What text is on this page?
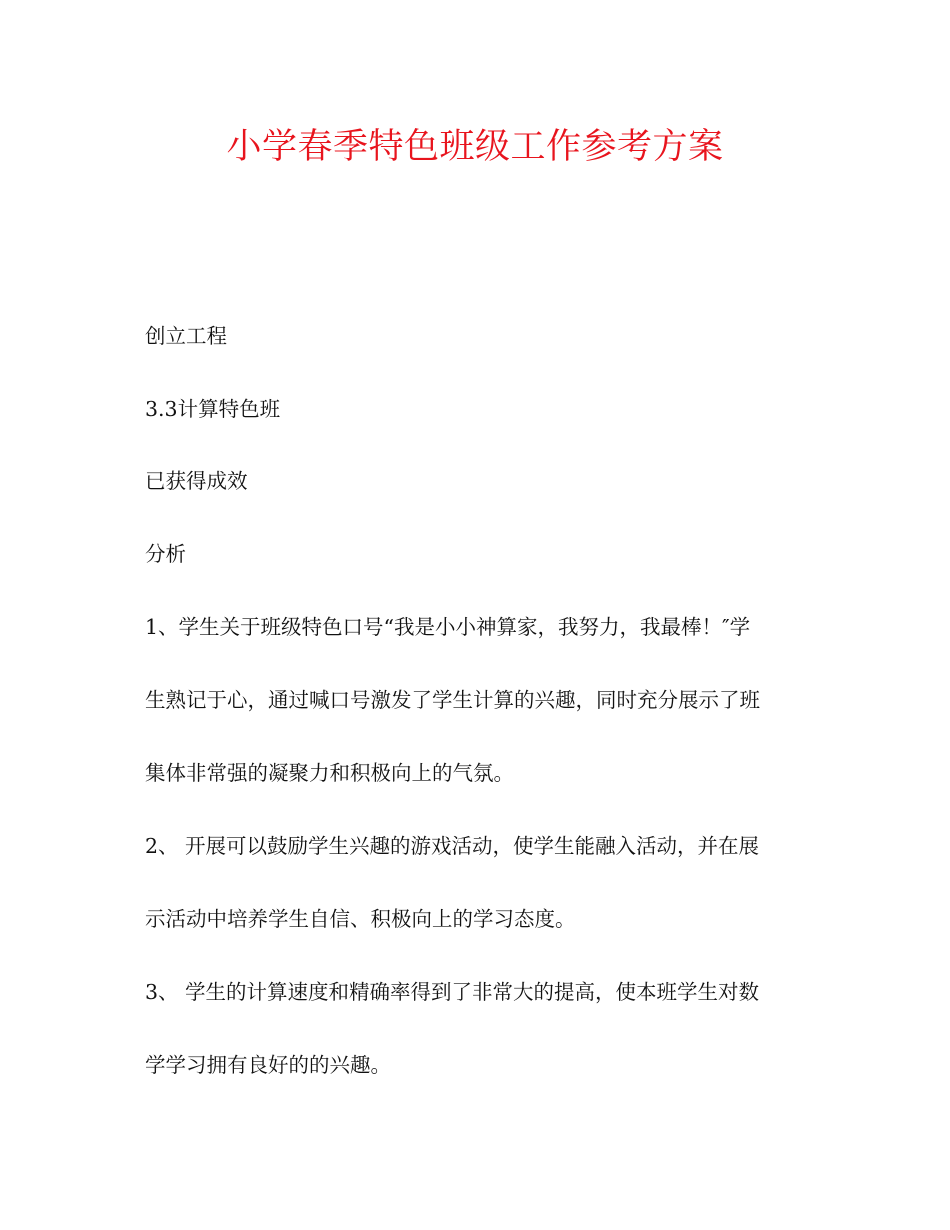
小学春季特色班级工作参考方案
创立工程
3.3计算特色班
已获得成效
分析
1、学生关于班级特色口号“我是小小神算家，我努力，我最棒！″学
生熟记于心，通过喊口号激发了学生计算的兴趣，同时充分展示了班
集体非常强的凝聚力和积极向上的气氛。
2、 开展可以鼓励学生兴趣的游戏活动，使学生能融入活动，并在展
示活动中培养学生自信、积极向上的学习态度。
3、 学生的计算速度和精确率得到了非常大的提高，使本班学生对数
学学习拥有良好的的兴趣。
